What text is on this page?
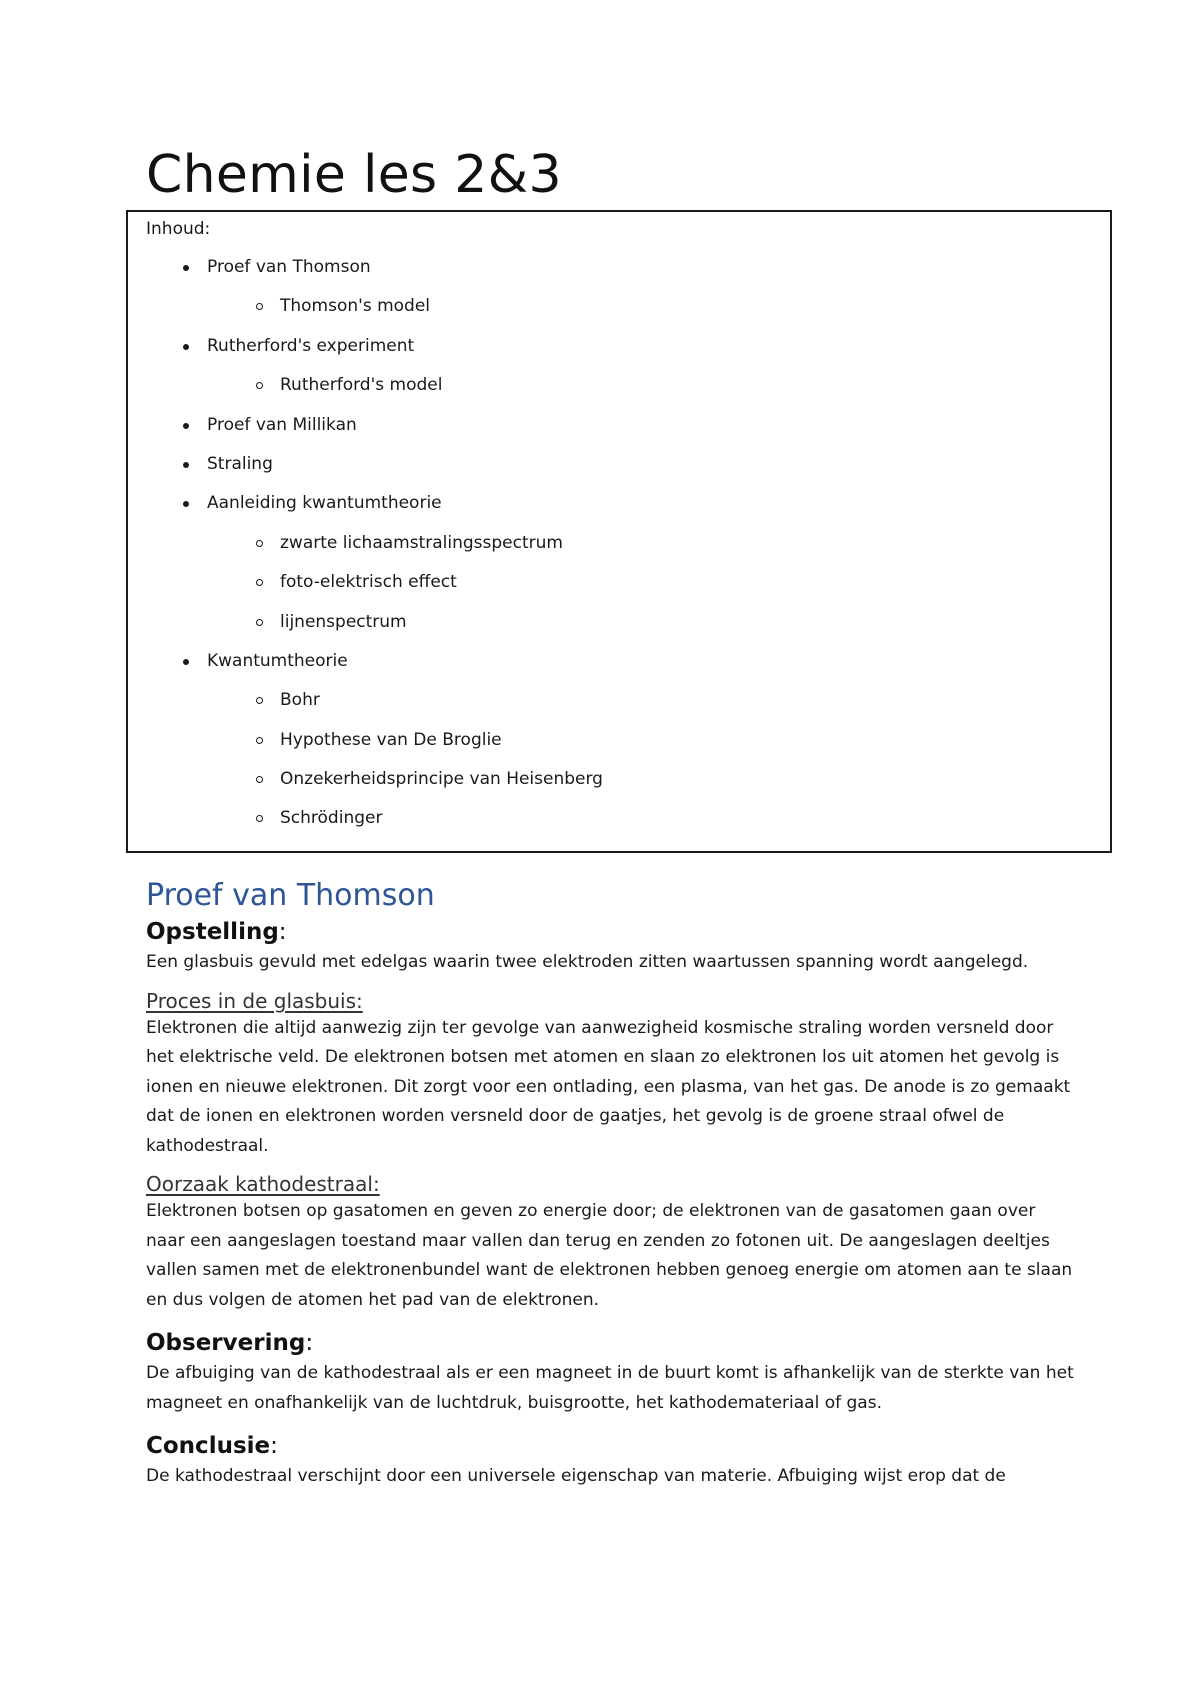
Chemie les 2&3
Inhoud:
Proef van Thomson
Thomson's model
Rutherford's experiment
Rutherford's model
Proef van Millikan
Straling
Aanleiding kwantumtheorie
zwarte lichaamstralingsspectrum
foto-elektrisch effect
lijnenspectrum
Kwantumtheorie
Bohr
Hypothese van De Broglie
Onzekerheidsprincipe van Heisenberg
Schrödinger
Proef van Thomson
Opstelling:

Een glasbuis gevuld met edelgas waarin twee elektroden zitten waartussen spanning wordt aangelegd.

Proces in de glasbuis:

Elektronen die altijd aanwezig zijn ter gevolge van aanwezigheid kosmische straling worden versneld door het elektrische veld. De elektronen botsen met atomen en slaan zo elektronen los uit atomen het gevolg is ionen en nieuwe elektronen. Dit zorgt voor een ontlading, een plasma, van het gas. De anode is zo gemaakt dat de ionen en elektronen worden versneld door de gaatjes, het gevolg is de groene straal ofwel de kathodestraal.

Oorzaak kathodestraal:

Elektronen botsen op gasatomen en geven zo energie door; de elektronen van de gasatomen gaan over naar een aangeslagen toestand maar vallen dan terug en zenden zo fotonen uit. De aangeslagen deeltjes vallen samen met de elektronenbundel want de elektronen hebben genoeg energie om atomen aan te slaan en dus volgen de atomen het pad van de elektronen.

Observering:

De afbuiging van de kathodestraal als er een magneet in de buurt komt is afhankelijk van de sterkte van het magneet en onafhankelijk van de luchtdruk, buisgrootte, het kathodemateriaal of gas.

Conclusie:

De kathodestraal verschijnt door een universele eigenschap van materie. Afbuiging wijst erop dat de
